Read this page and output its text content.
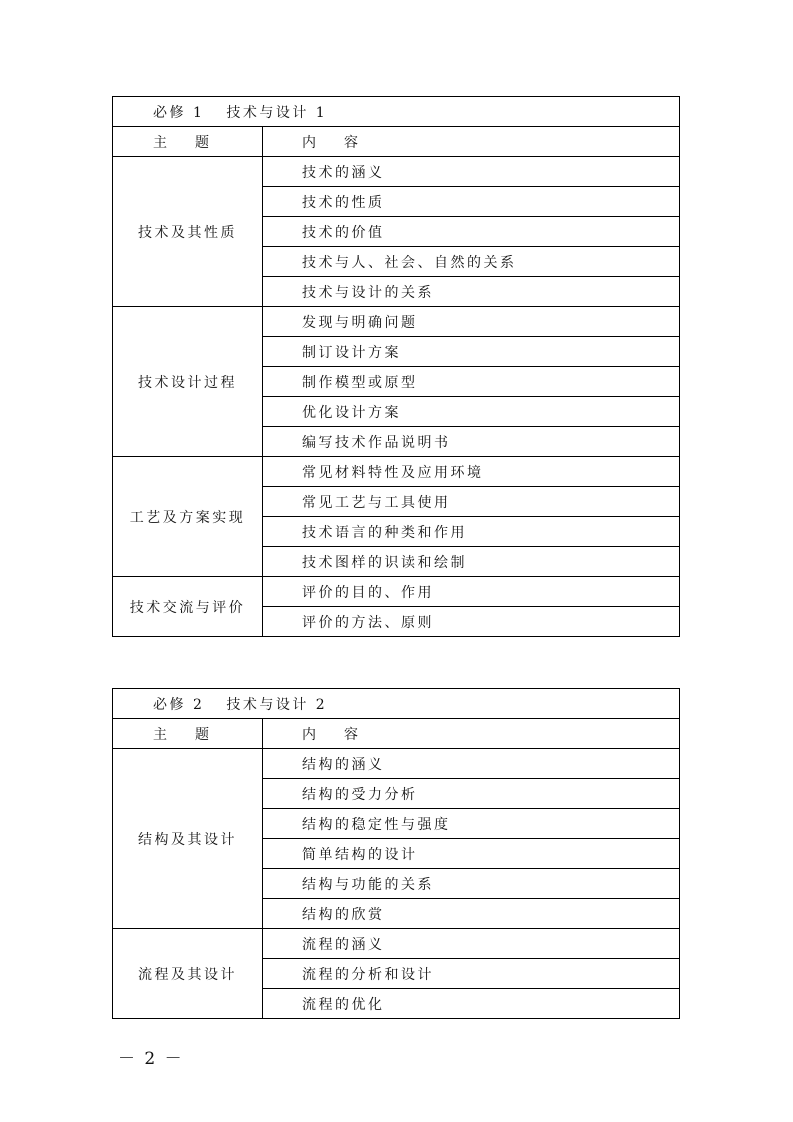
必修 1 技术与设计 1	
主题	内容
技术及其性质	技术的涵义
	技术的性质
	技术的价值
	技术与人、社会、自然的关系
	技术与设计的关系
技术设计过程	发现与明确问题
	制订设计方案
	制作模型或原型
	优化设计方案
	编写技术作品说明书
工艺及方案实现	常见材料特性及应用环境
	常见工艺与工具使用
	技术语言的种类和作用
	技术图样的识读和绘制
技术交流与评价	评价的目的、作用
	评价的方法、原则
必修 2 技术与设计 2	
主题	内容
结构及其设计	结构的涵义
	结构的受力分析
	结构的稳定性与强度
	简单结构的设计
	结构与功能的关系
	结构的欣赏
流程及其设计	流程的涵义
	流程的分析和设计
	流程的优化
－ 2 －
